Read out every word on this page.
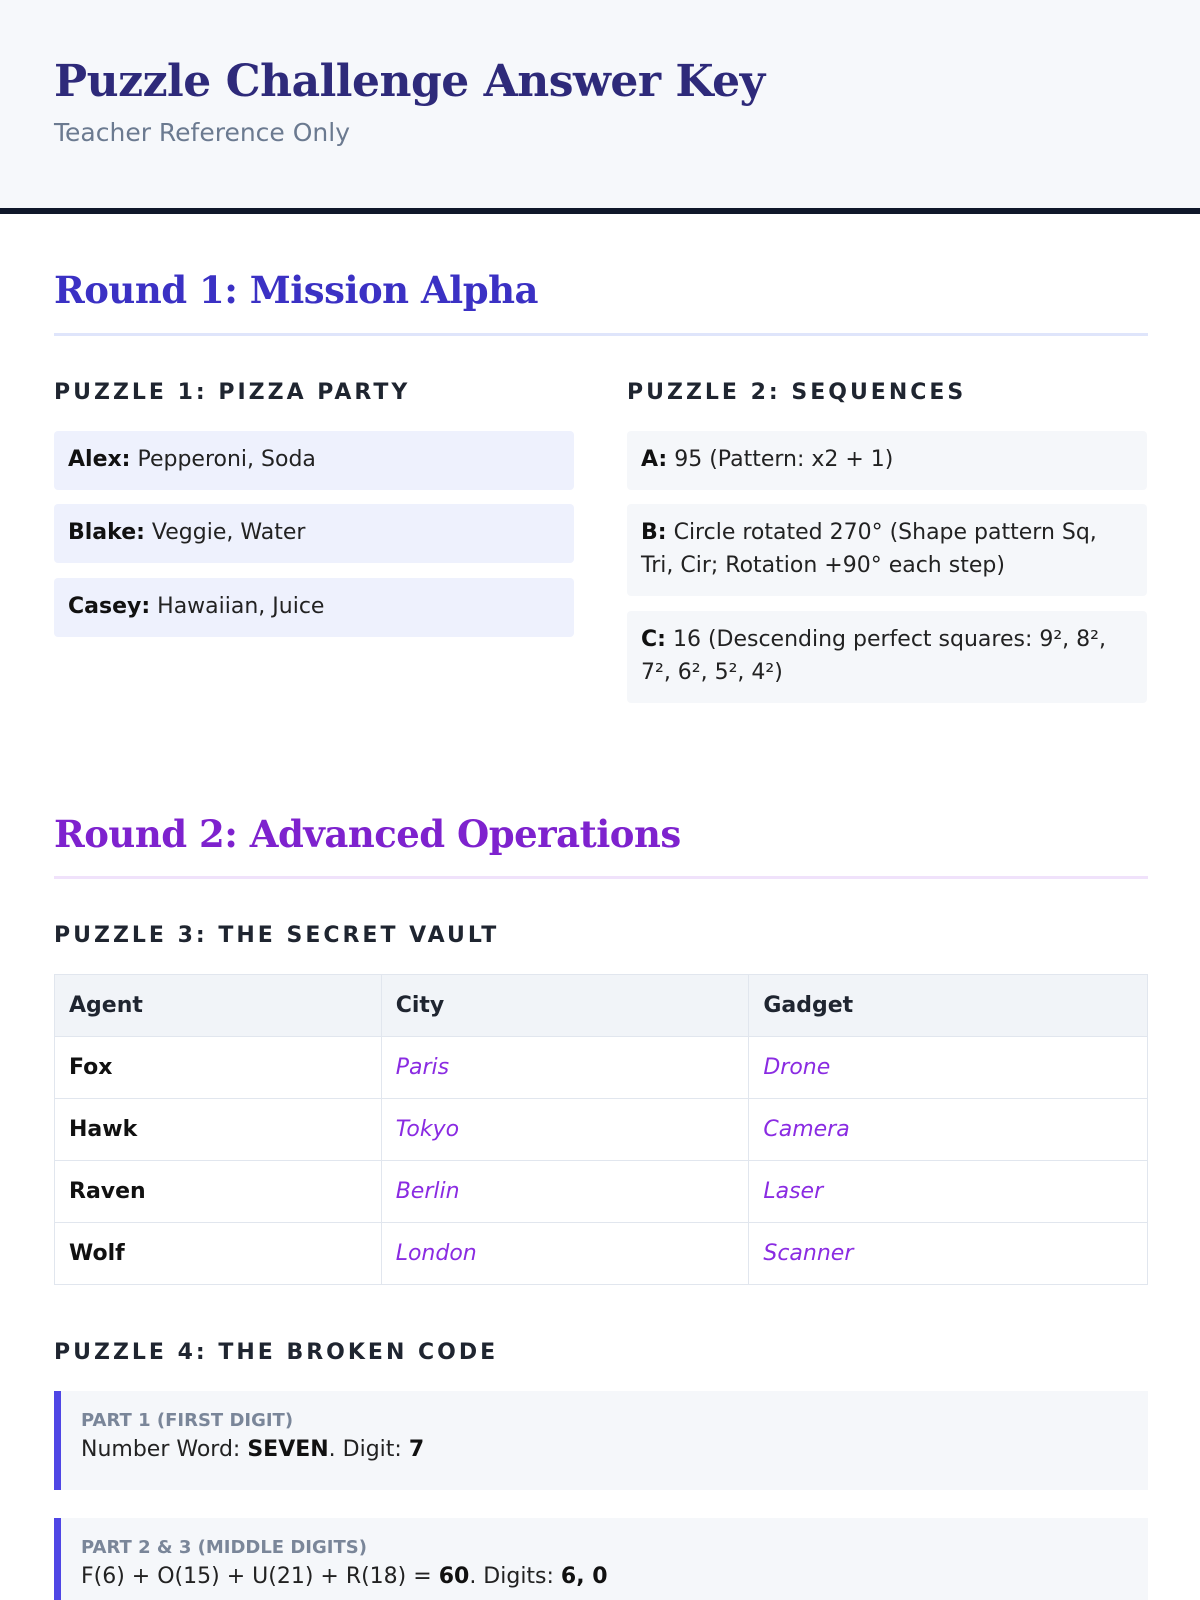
Puzzle Challenge Answer Key
Teacher Reference Only
Round 1: Mission Alpha
PUZZLE 1: PIZZA PARTY
Alex: Pepperoni, Soda
Blake: Veggie, Water
Casey: Hawaiian, Juice
PUZZLE 2: SEQUENCES
A: 95 (Pattern: x2 + 1)
B: Circle rotated 270° (Shape pattern Sq, Tri, Cir; Rotation +90° each step)
C: 16 (Descending perfect squares: 9², 8², 7², 6², 5², 4²)
Round 2: Advanced Operations
PUZZLE 3: THE SECRET VAULT
Agent	City	Gadget
Fox	Paris	Drone
Hawk	Tokyo	Camera
Raven	Berlin	Laser
Wolf	London	Scanner
PUZZLE 4: THE BROKEN CODE
PART 1 (FIRST DIGIT)
Number Word: SEVEN. Digit: 7
PART 2 & 3 (MIDDLE DIGITS)
F(6) + O(15) + U(21) + R(18) = 60. Digits: 6, 0
